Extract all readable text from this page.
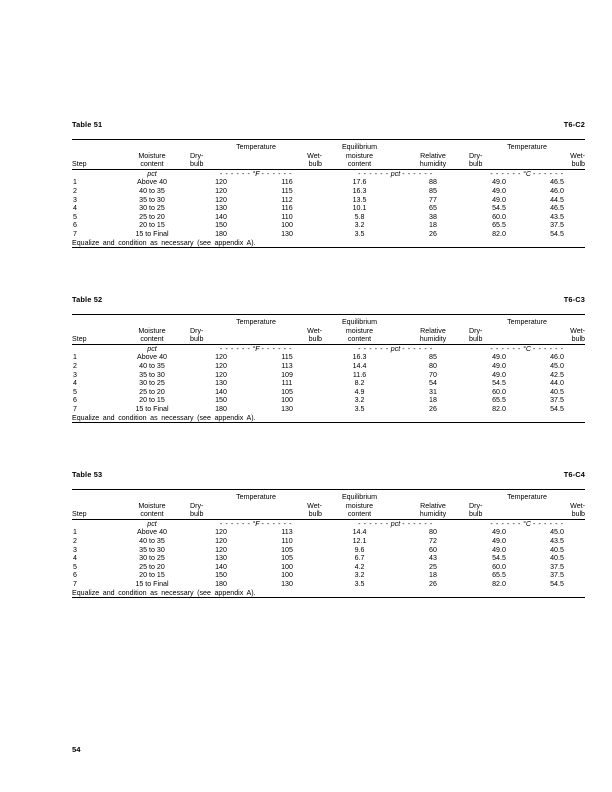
Table 51	T6-C2

		Temperature		Equilibrium		Temperature	
	Moisture	Dry-	Wet-	moisture	Relative	Dry-	Wet-
Step	content	bulb	bulb	content	humidity	bulb	bulb

	pct	- - - - - - °F - - - - - -		- - - - - - pct - - - - - -		- - - - - - °C - - - - - -	
1	Above 40	120	116	17.6	88	49.0	46.5
2	40 to 35	120	115	16.3	85	49.0	46.0
3	35 to 30	120	112	13.5	77	49.0	44.5
4	30 to 25	130	116	10.1	65	54.5	46.5
5	25 to 20	140	110	5.8	38	60.0	43.5
6	20 to 15	150	100	3.2	18	65.5	37.5
7	15 to Final	180	130	3.5	26	82.0	54.5
Equalize and condition as necessary (see appendix A).							

Table 52	T6-C3

		Temperature		Equilibrium		Temperature	
	Moisture	Dry-	Wet-	moisture	Relative	Dry-	Wet-
Step	content	bulb	bulb	content	humidity	bulb	bulb

	pct	- - - - - - °F - - - - - -		- - - - - - pct - - - - - -		- - - - - - °C - - - - - -	
1	Above 40	120	115	16.3	85	49.0	46.0
2	40 to 35	120	113	14.4	80	49.0	45.0
3	35 to 30	120	109	11.6	70	49.0	42.5
4	30 to 25	130	111	8.2	54	54.5	44.0
5	25 to 20	140	105	4.9	31	60.0	40.5
6	20 to 15	150	100	3.2	18	65.5	37.5
7	15 to Final	180	130	3.5	26	82.0	54.5
Equalize and condition as necessary (see appendix A).							

Table 53	T6-C4

		Temperature		Equilibrium		Temperature	
	Moisture	Dry-	Wet-	moisture	Relative	Dry-	Wet-
Step	content	bulb	bulb	content	humidity	bulb	bulb

	pct	- - - - - - °F - - - - - -		- - - - - - pct - - - - - -		- - - - - - °C - - - - - -	
1	Above 40	120	113	14.4	80	49.0	45.0
2	40 to 35	120	110	12.1	72	49.0	43.5
3	35 to 30	120	105	9.6	60	49.0	40.5
4	30 to 25	130	105	6.7	43	54.5	40.5
5	25 to 20	140	100	4.2	25	60.0	37.5
6	20 to 15	150	100	3.2	18	65.5	37.5
7	15 to Final	180	130	3.5	26	82.0	54.5
Equalize and condition as necessary (see appendix A).							

54
